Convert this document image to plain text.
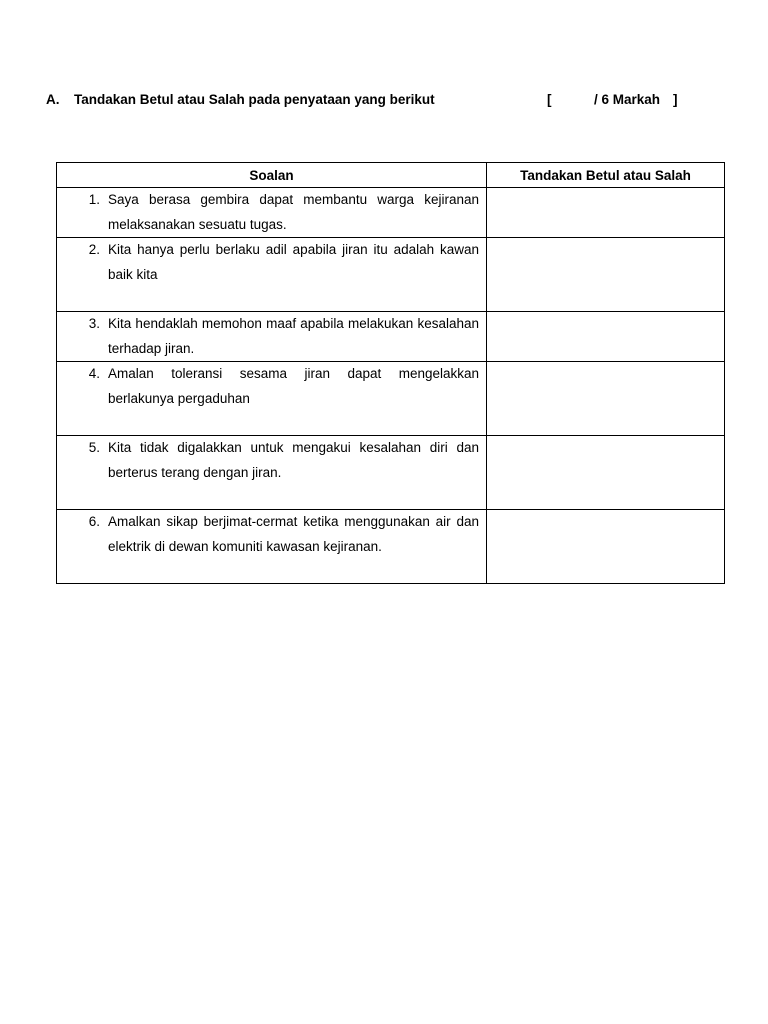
A. Tandakan Betul atau Salah pada penyataan yang berikut	[	/ 6 Markah ]
Soalan	Tandakan Betul atau Salah

1. Saya berasa gembira dapat membantu warga kejiranan melaksanakan sesuatu tugas.	

2. Kita hanya perlu berlaku adil apabila jiran itu adalah kawan baik kita	

3. Kita hendaklah memohon maaf apabila melakukan kesalahan terhadap jiran.	

4. Amalan toleransi sesama jiran dapat mengelakkan berlakunya pergaduhan	

5. Kita tidak digalakkan untuk mengakui kesalahan diri dan berterus terang dengan jiran.	

6. Amalkan sikap berjimat-cermat ketika menggunakan air dan elektrik di dewan komuniti kawasan kejiranan.	
